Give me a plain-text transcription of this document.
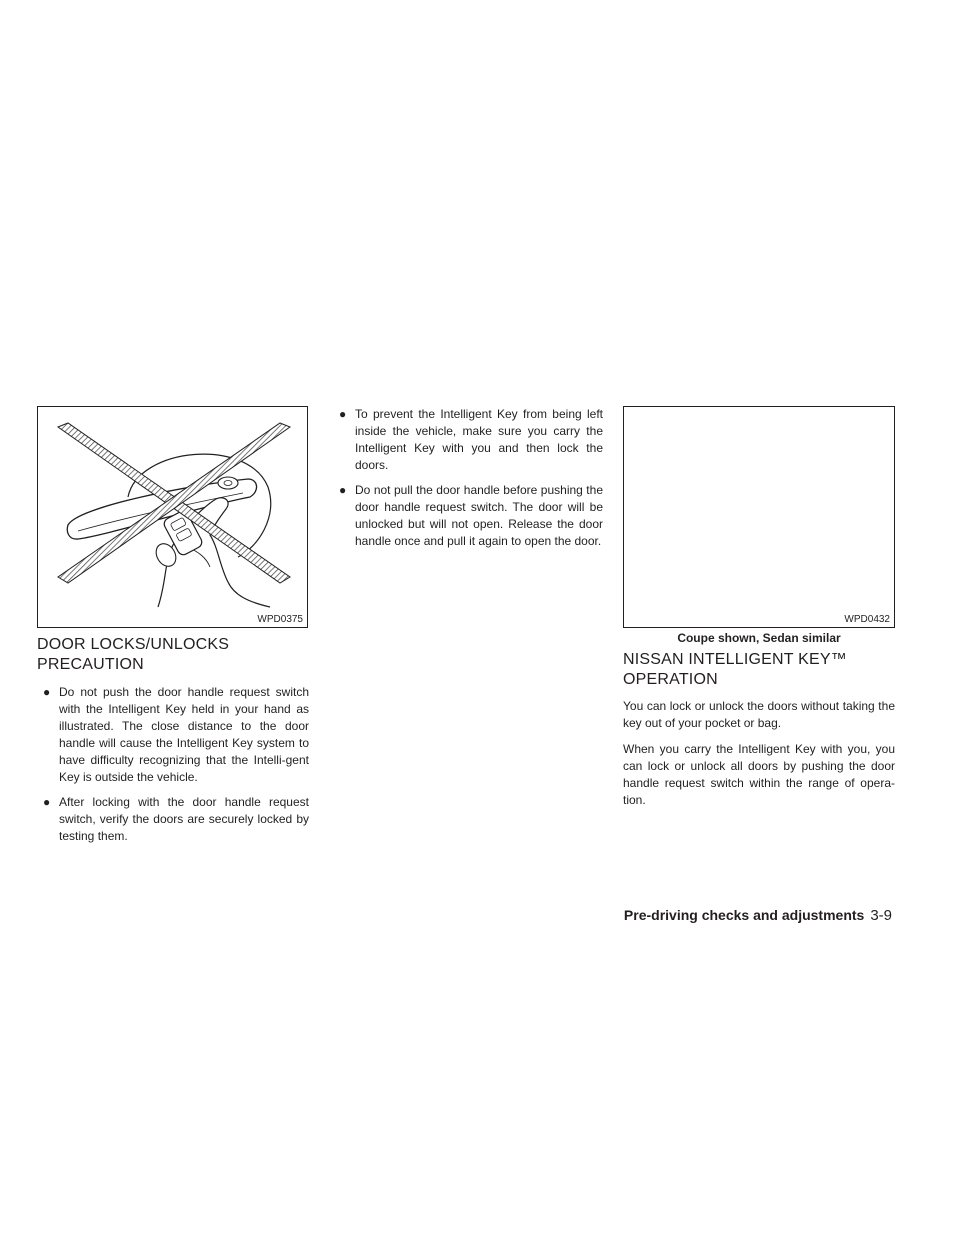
WPD0375
DOOR LOCKS/UNLOCKS
PRECAUTION
● Do not push the door handle request switch with the Intelligent Key held in your hand as illustrated. The close distance to the door handle will cause the Intelligent Key system to have difficulty recognizing that the Intelli-gent Key is outside the vehicle.
● After locking with the door handle request switch, verify the doors are securely locked by testing them.
● To prevent the Intelligent Key from being left inside the vehicle, make sure you carry the Intelligent Key with you and then lock the doors.
● Do not pull the door handle before pushing the door handle request switch. The door will be unlocked but will not open. Release the door handle once and pull it again to open the door.
WPD0432
Coupe shown, Sedan similar
NISSAN INTELLIGENT KEY™
OPERATION

You can lock or unlock the doors without taking the key out of your pocket or bag.

When you carry the Intelligent Key with you, you can lock or unlock all doors by pushing the door handle request switch within the range of opera-tion.

Pre-driving checks and adjustments 3-9
